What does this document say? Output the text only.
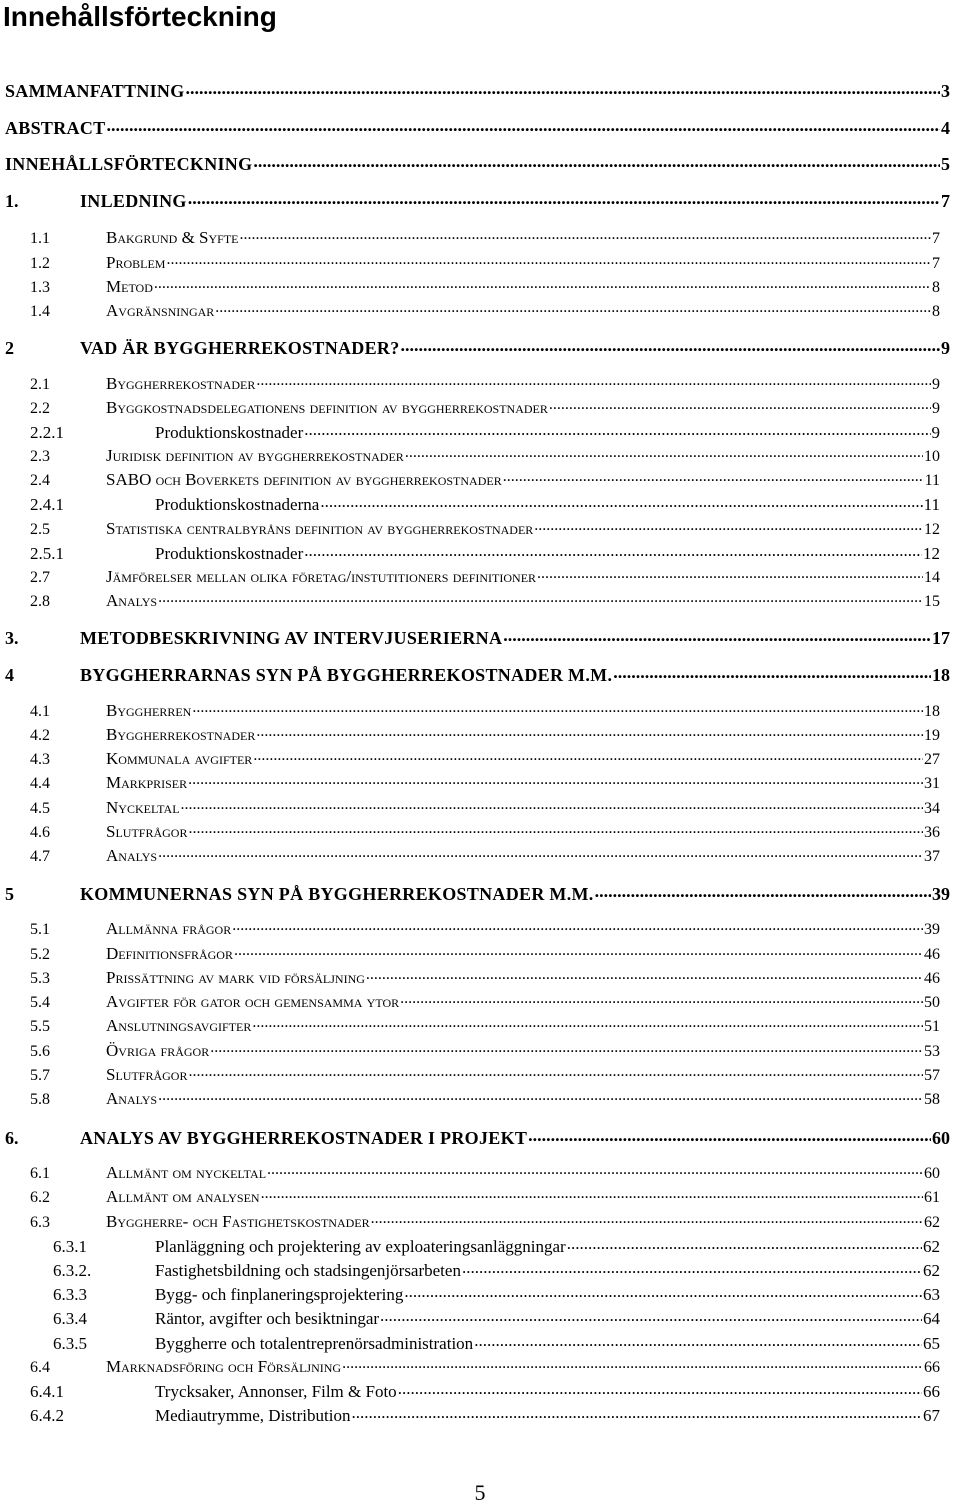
Innehållsförteckning
SAMMANFATTNING .....	3
ABSTRACT .....	4
INNEHÅLLSFÖRTECKNING .....	5
1.	INLEDNING .....	7
1.1	Bakgrund & Syfte .....	7
1.2	Problem .....	7
1.3	Metod .....	8
1.4	Avgränsningar .....	8
2	VAD ÄR BYGGHERREKOSTNADER? .....	9
2.1	Byggherrekostnader .....	9
2.2	Byggkostnadsdelegationens definition av byggherrekostnader .....	9
2.2.1	Produktionskostnader .....	9
2.3	Juridisk definition av byggherrekostnader .....	10
2.4	SABO och Boverkets definition av byggherrekostnader .....	11
2.4.1	Produktionskostnaderna .....	11
2.5	Statistiska centralbyråns definition av byggherrekostnader .....	12
2.5.1	Produktionskostnader .....	12
2.7	Jämförelser mellan olika företag/instutitioners definitioner .....	14
2.8	Analys .....	15
3.	METODBESKRIVNING AV INTERVJUSERIERNA .....	17
4	BYGGHERRARNAS SYN PÅ BYGGHERREKOSTNADER M.M. .....	18
4.1	Byggherren .....	18
4.2	Byggherrekostnader .....	19
4.3	Kommunala avgifter .....	27
4.4	Markpriser .....	31
4.5	Nyckeltal .....	34
4.6	Slutfrågor .....	36
4.7	Analys .....	37
5	KOMMUNERNAS SYN PÅ BYGGHERREKOSTNADER M.M. .....	39
5.1	Allmänna frågor .....	39
5.2	Definitionsfrågor .....	46
5.3	Prissättning av mark vid försäljning .....	46
5.4	Avgifter för gator och gemensamma ytor .....	50
5.5	Anslutningsavgifter .....	51
5.6	Övriga frågor .....	53
5.7	Slutfrågor .....	57
5.8	Analys .....	58
6.	ANALYS AV BYGGHERREKOSTNADER I PROJEKT .....	60
6.1	Allmänt om nyckeltal .....	60
6.2	Allmänt om analysen .....	61
6.3	Byggherre- och Fastighetskostnader .....	62
6.3.1	Planläggning och projektering av exploateringsanläggningar .....	62
6.3.2.	Fastighetsbildning och stadsingenjörsarbeten .....	62
6.3.3	Bygg- och finplaneringsprojektering .....	63
6.3.4	Räntor, avgifter och besiktningar .....	64
6.3.5	Byggherre och totalentreprenörsadministration .....	65
6.4	Marknadsföring och Försäljning .....	66
6.4.1	Trycksaker, Annonser, Film & Foto .....	66
6.4.2	Mediautrymme, Distribution .....	67
5
